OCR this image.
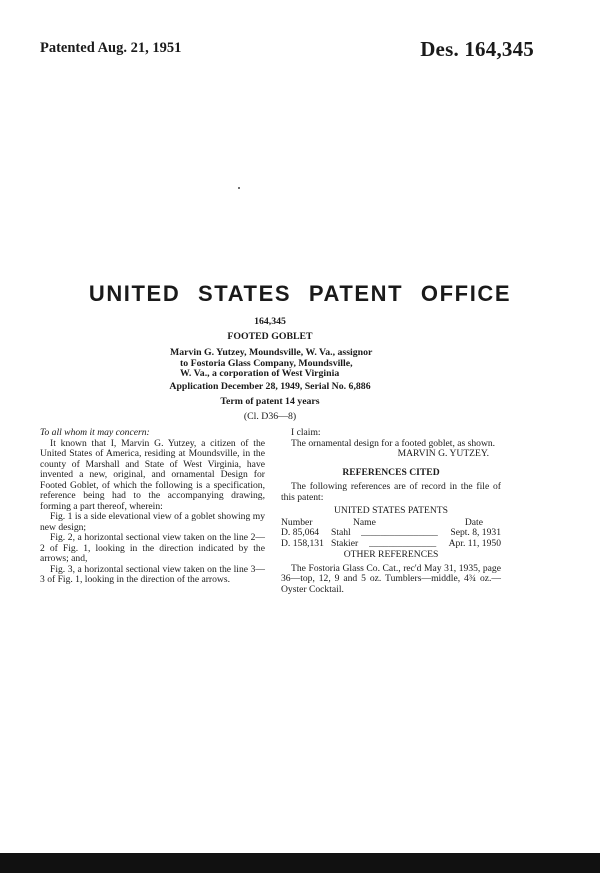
Patented Aug. 21, 1951	Des. 164,345
UNITED STATES PATENT OFFICE
164,345
FOOTED GOBLET
Marvin G. Yutzey, Moundsville, W. Va., assignor
to Fostoria Glass Company, Moundsville,
W. Va., a corporation of West Virginia
Application December 28, 1949, Serial No. 6,886
Term of patent 14 years
(Cl. D36—8)

To all whom it may concern:

It known that I, Marvin G. Yutzey, a citizen of the United States of America, residing at Moundsville, in the county of Marshall and State of West Virginia, have invented a new, original, and ornamental Design for Footed Goblet, of which the following is a specification, reference being had to the accompanying drawing, forming a part thereof, wherein:

Fig. 1 is a side elevational view of a goblet showing my new design;

Fig. 2, a horizontal sectional view taken on the line 2—2 of Fig. 1, looking in the direction indicated by the arrows; and,

Fig. 3, a horizontal sectional view taken on the line 3—3 of Fig. 1, looking in the direction of the arrows.

I claim:

The ornamental design for a footed goblet, as shown.

MARVIN G. YUTZEY.

REFERENCES CITED

The following references are of record in the file of this patent:

UNITED STATES PATENTS

Number	Name	Date
D. 85,064	Stahl	________________	Sept. 8, 1931
D. 158,131 Stakier	______________	Apr. 11, 1950

OTHER REFERENCES

The Fostoria Glass Co. Cat., rec'd May 31, 1935, page 36—top, 12, 9 and 5 oz. Tumblers—middle, 4¾ oz.—Oyster Cocktail.
